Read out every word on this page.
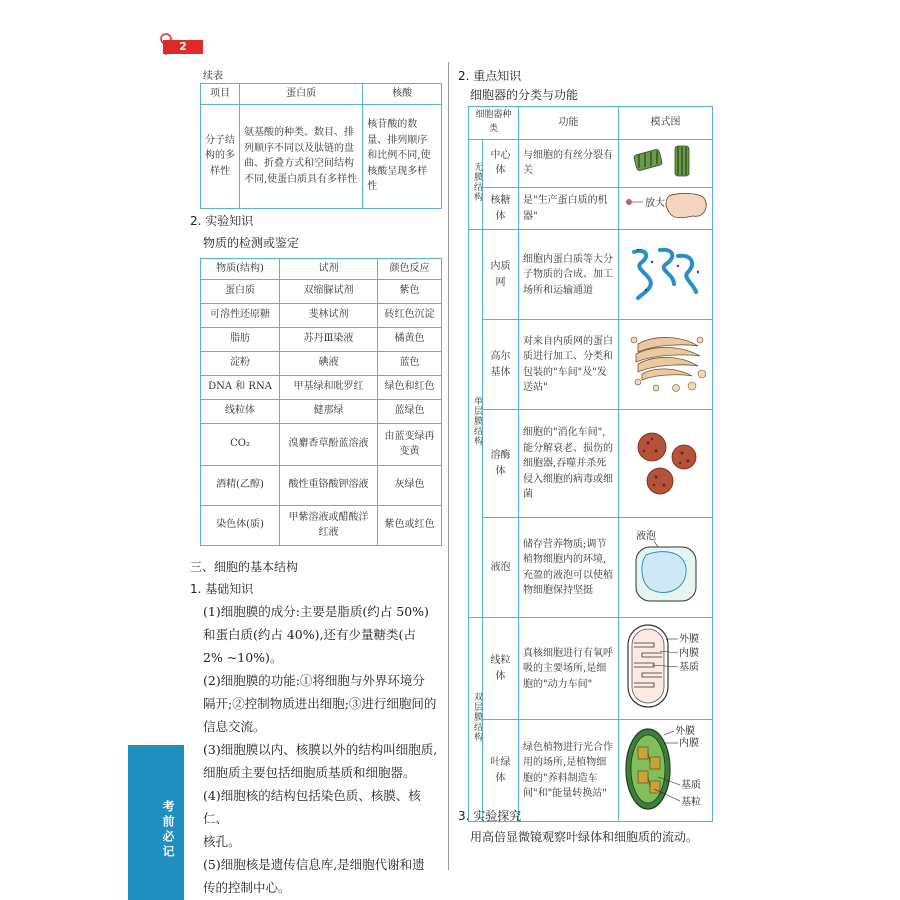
2
考前必记
续表
项目	蛋白质	核酸
分子结构的多样性	氨基酸的种类、数目、排列顺序不同以及肽链的盘曲、折叠方式和空间结构不同,使蛋白质具有多样性	核苷酸的数量、排列顺序和比例不同,使核酸呈现多样性
2. 实验知识
物质的检测或鉴定
物质(结构)	试剂	颜色反应
蛋白质	双缩脲试剂	紫色
可溶性还原糖	斐林试剂	砖红色沉淀
脂肪	苏丹Ⅲ染液	橘黄色
淀粉	碘液	蓝色
DNA 和 RNA	甲基绿和吡罗红	绿色和红色
线粒体	健那绿	蓝绿色
CO₂	溴麝香草酚蓝溶液	由蓝变绿再变黄
酒精(乙醇)	酸性重铬酸钾溶液	灰绿色
染色体(质)	甲紫溶液或醋酸洋红液	紫色或红色
三、细胞的基本结构
1. 基础知识
(1)细胞膜的成分:主要是脂质(约占 50%)
和蛋白质(约占 40%),还有少量糖类(占
2% ~10%)。
(2)细胞膜的功能:①将细胞与外界环境分
隔开;②控制物质进出细胞;③进行细胞间的
信息交流。
(3)细胞膜以内、核膜以外的结构叫细胞质,
细胞质主要包括细胞质基质和细胞器。
(4)细胞核的结构包括染色质、核膜、核仁、
核孔。
(5)细胞核是遗传信息库,是细胞代谢和遗
传的控制中心。
2. 重点知识
细胞器的分类与功能
细胞器种类		功能	模式图
无膜结构	中心体	与细胞的有丝分裂有关	
	核糖体	是"生产蛋白质的机器"	放大

单层膜结构	内质网	细胞内蛋白质等大分子物质的合成、加工场所和运输通道	
	高尔基体	对来自内质网的蛋白质进行加工、分类和包装的"车间"及"发送站"	
	溶酶体	细胞的"消化车间",能分解衰老、损伤的细胞器,吞噬并杀死侵入细胞的病毒或细菌	
	液泡	储存营养物质;调节植物细胞内的环境,充盈的液泡可以使植物细胞保持坚挺	液泡

双层膜结构	线粒体	真核细胞进行有氧呼吸的主要场所,是细胞的"动力车间"	外膜
内膜
基质

	叶绿体	绿色植物进行光合作用的场所,是植物细胞的"养料制造车间"和"能量转换站"	外膜
内膜
基质
基粒
3. 实验探究
用高倍显微镜观察叶绿体和细胞质的流动。
